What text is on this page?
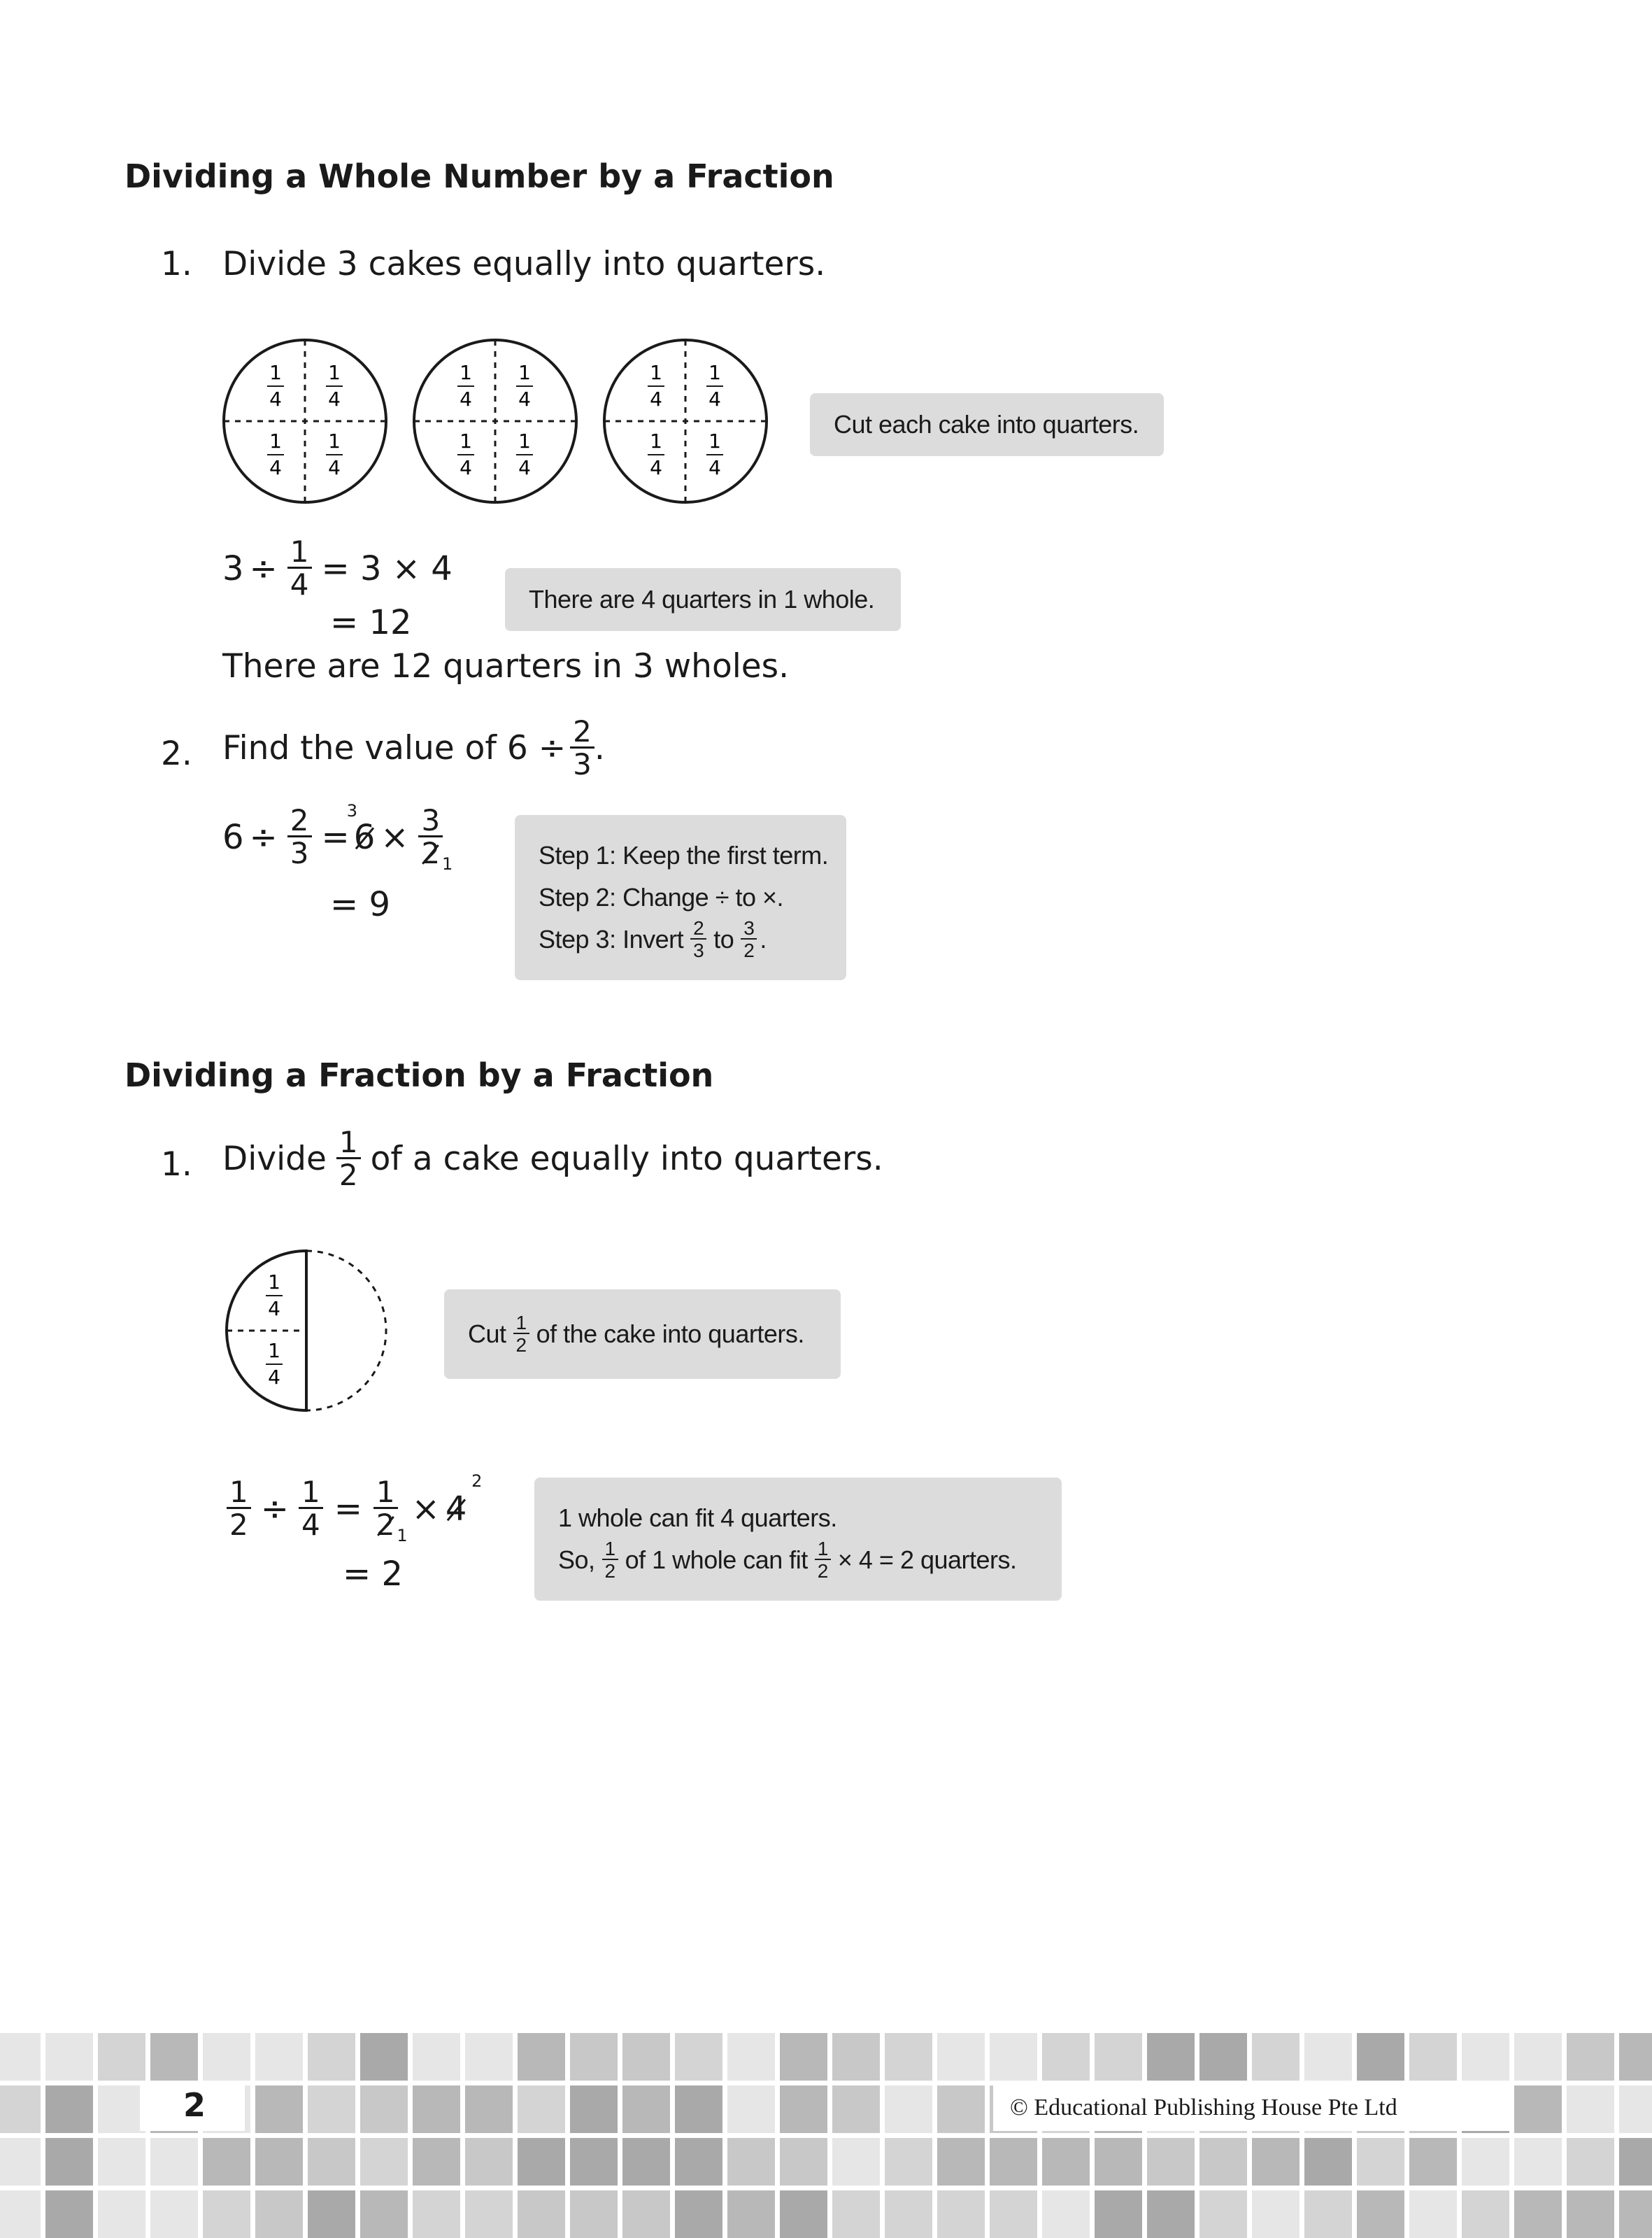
Dividing a Whole Number by a Fraction
1. Divide 3 cakes equally into quarters.
1
4
1
4
1
4
1
4
1
4
1
4
1
4
1
4
1
4
1
4
1
4
1
4
Cut each cake into quarters.
$3 \div \frac{1}{4} = 3 \times 4$
= 12
There are 4 quarters in 1 whole.
There are 12 quarters in 3 wholes.
2. Find the value of $6 \div \frac{2}{3}$ .
$6 \div \frac{2}{3}$ =
3
6 × 3
2 1
= 9
Step 1: Keep the first term.
Step 2: Change ÷ to ×.
Step 3: Invert $\frac{2}{3}$ to $\frac{3}{2}$ .
Dividing a Fraction by a Fraction
1. Divide $\frac{1}{2}$ of a cake equally into quarters.
1
4
1
4
Cut $\frac{1}{2}$ of the cake into quarters.
$\frac{1}{2} \div \frac{1}{4} = 1$
2 1
× 4
2
= 2
1 whole can fit 4 quarters.
So, $\frac{1}{2}$ of 1 whole can fit $\frac{1}{2} \times 4 = 2$ quarters.
2	© Educational Publishing House Pte Ltd
